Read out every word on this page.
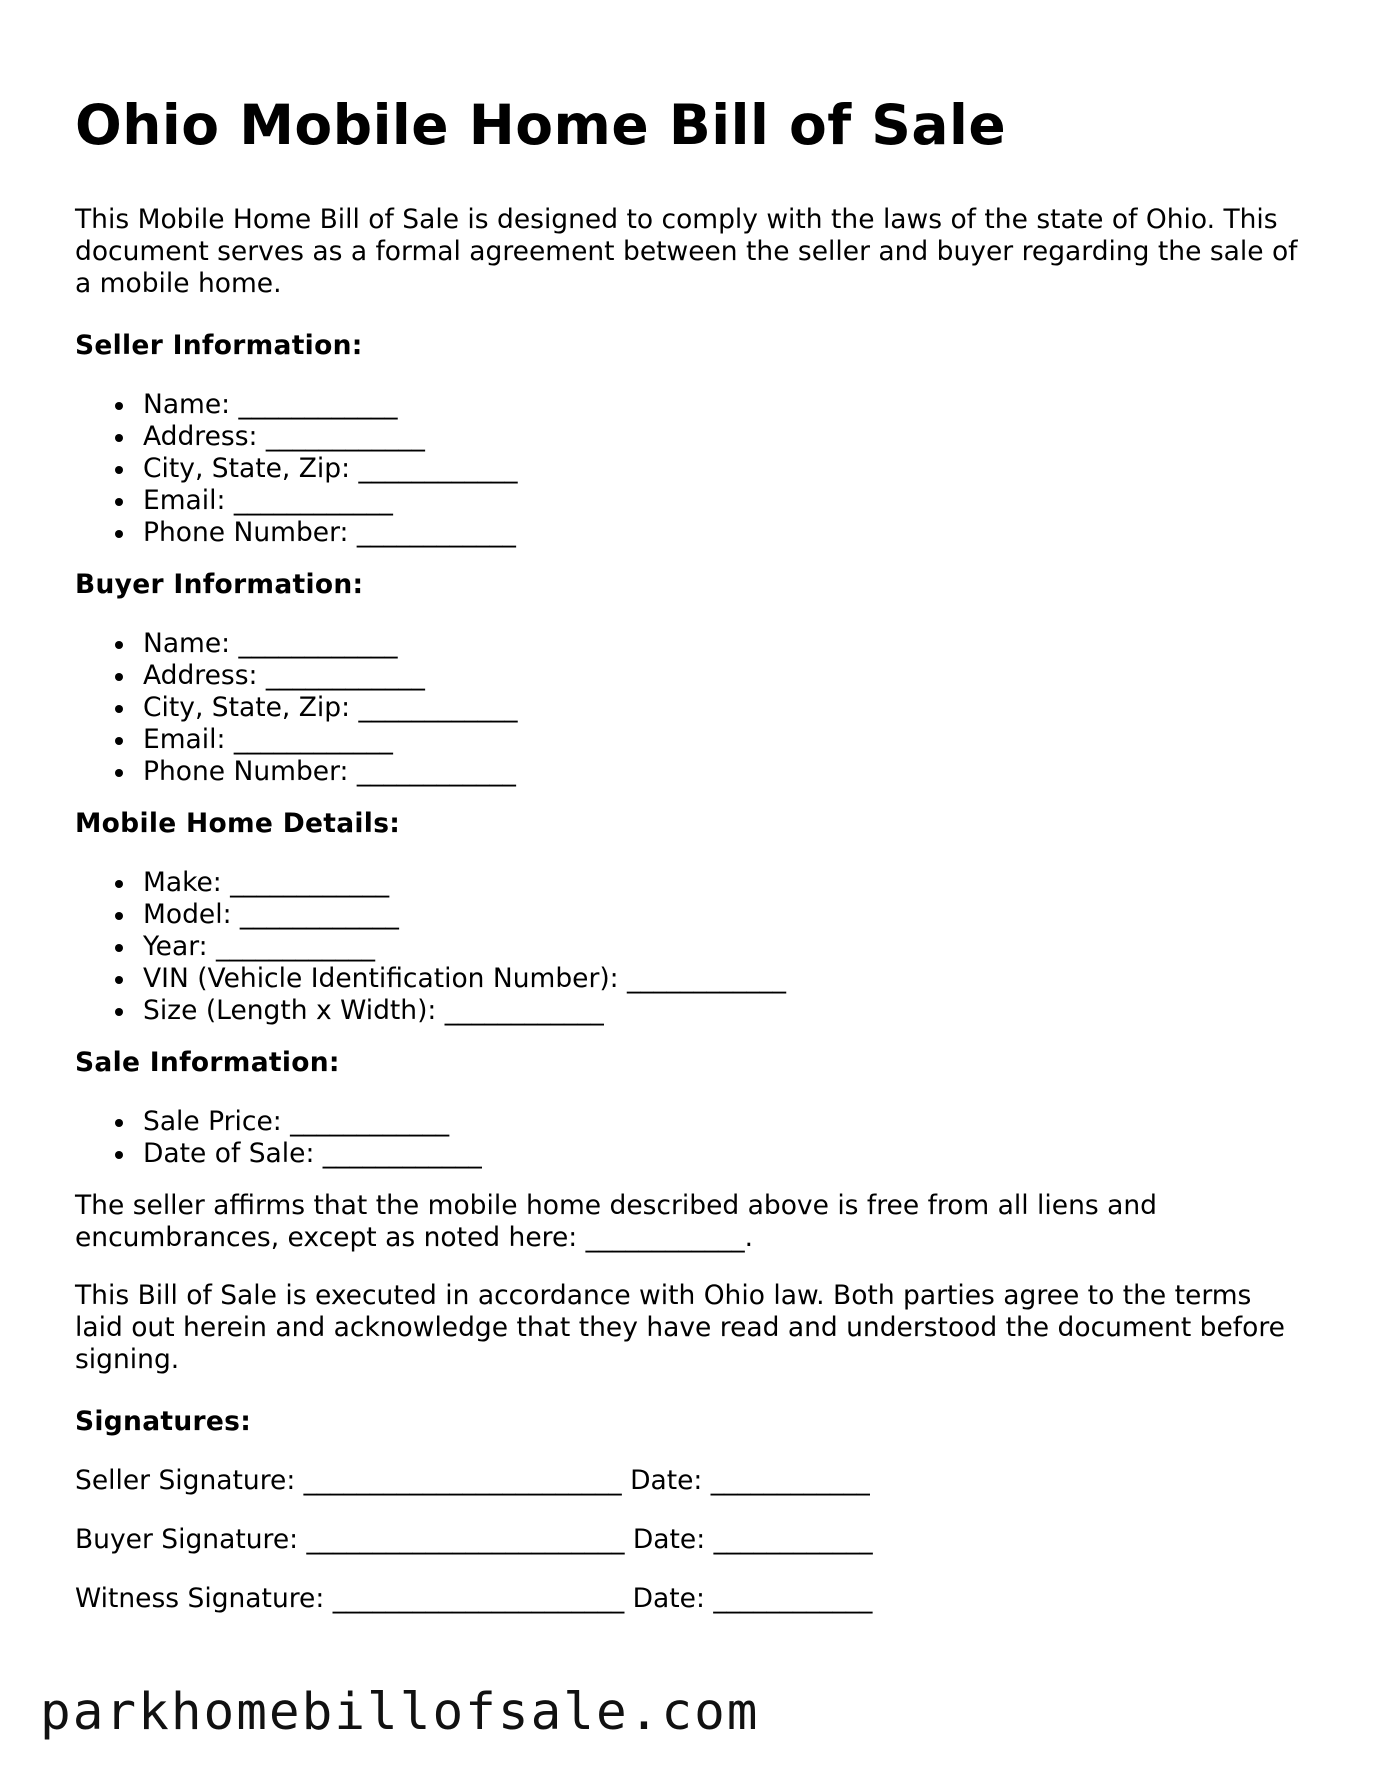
Ohio Mobile Home Bill of Sale

This Mobile Home Bill of Sale is designed to comply with the laws of the state of Ohio. This document serves as a formal agreement between the seller and buyer regarding the sale of a mobile home.

Seller Information:
Name: ____________
Address: ____________
City, State, Zip: ____________
Email: ____________
Phone Number: ____________
Buyer Information:
Name: ____________
Address: ____________
City, State, Zip: ____________
Email: ____________
Phone Number: ____________
Mobile Home Details:
Make: ____________
Model: ____________
Year: ____________
VIN (Vehicle Identification Number): ____________
Size (Length x Width): ____________
Sale Information:
Sale Price: ____________
Date of Sale: ____________

The seller affirms that the mobile home described above is free from all liens and encumbrances, except as noted here: ____________.

This Bill of Sale is executed in accordance with Ohio law. Both parties agree to the terms laid out herein and acknowledge that they have read and understood the document before signing.

Signatures:
Seller Signature: ________________________ Date: ____________
Buyer Signature: ________________________ Date: ____________
Witness Signature: ______________________ Date: ____________
parkhomebillofsale.com
